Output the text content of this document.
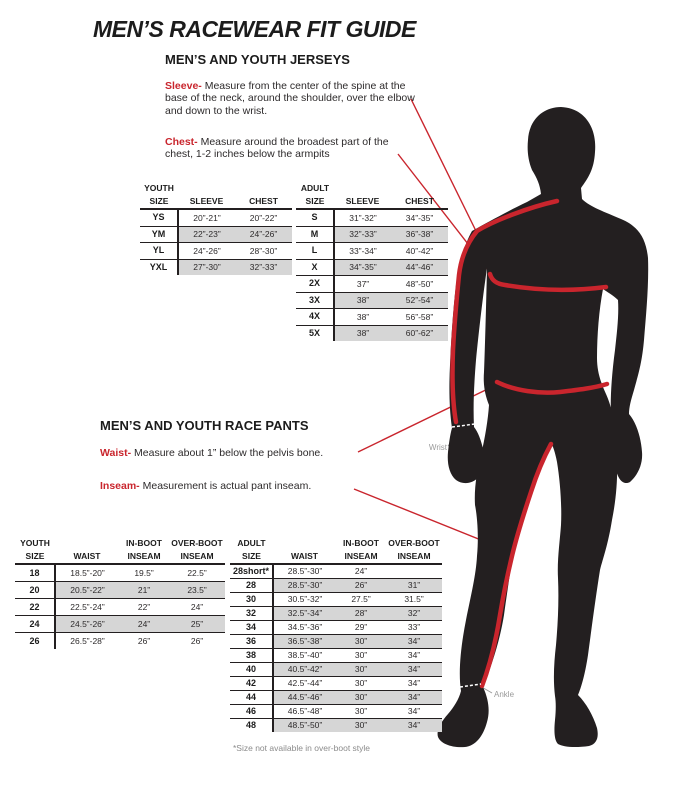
Wrist
Ankle
MEN’S RACEWEAR FIT GUIDE
MEN’S AND YOUTH JERSEYS
Sleeve- Measure from the center of the spine at the base of the neck, around the shoulder, over the elbow and down to the wrist.
Chest- Measure around the broadest part of the chest, 1-2 inches below the armpits
YOUTH		
SIZE	SLEEVE	CHEST
YS	20”-21”	20”-22”
YM	22”-23”	24”-26”
YL	24”-26”	28”-30”
YXL	27”-30”	32”-33”
ADULT		
SIZE	SLEEVE	CHEST
S	31”-32”	34”-35”
M	32”-33”	36”-38”
L	33”-34”	40”-42”
X	34”-35”	44”-46”
2X	37”	48”-50”
3X	38”	52”-54”
4X	38”	56”-58”
5X	38”	60”-62”
MEN’S AND YOUTH RACE PANTS
Waist- Measure about 1” below the pelvis bone.
Inseam- Measurement is actual pant inseam.
YOUTH		IN-BOOT	OVER-BOOT
SIZE	WAIST	INSEAM	INSEAM
18	18.5”-20”	19.5”	22.5”
20	20.5”-22”	21”	23.5”
22	22.5”-24”	22”	24”
24	24.5”-26”	24”	25”
26	26.5”-28”	26”	26”
ADULT		IN-BOOT	OVER-BOOT
SIZE	WAIST	INSEAM	INSEAM
28short*	28.5”-30”	24”	
28	28.5”-30”	26”	31”
30	30.5”-32”	27.5”	31.5”
32	32.5”-34”	28”	32”
34	34.5”-36”	29”	33”
36	36.5”-38”	30”	34”
38	38.5”-40”	30”	34”
40	40.5”-42”	30”	34”
42	42.5”-44”	30”	34”
44	44.5”-46”	30”	34”
46	46.5”-48”	30”	34”
48	48.5”-50”	30”	34”
*Size not available in over-boot style
